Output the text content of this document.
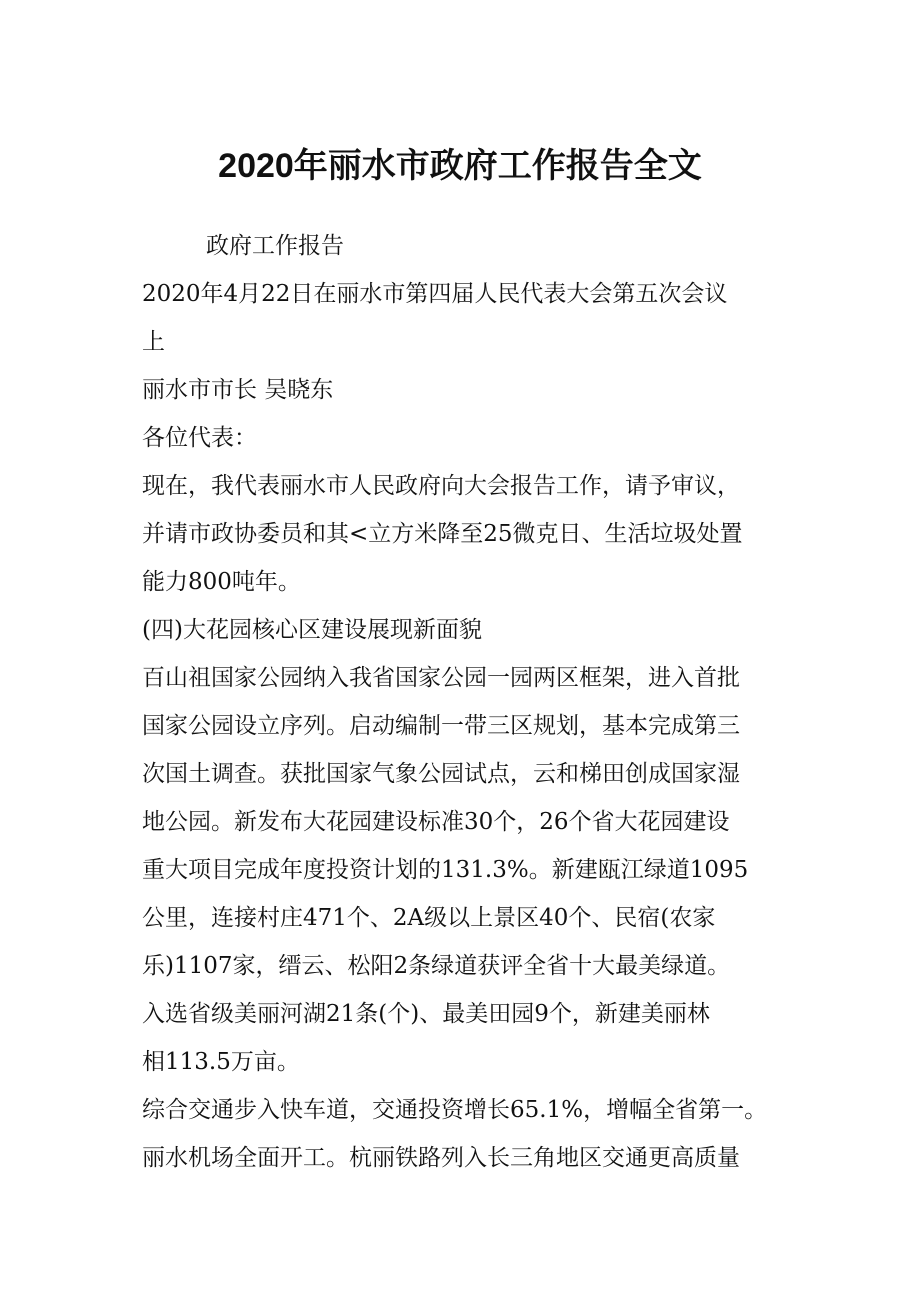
2020年丽水市政府工作报告全文
政府工作报告
2020年4月22日在丽水市第四届人民代表大会第五次会议
上
丽水市市长 吴晓东
各位代表：
现在，我代表丽水市人民政府向大会报告工作，请予审议，
并请市政协委员和其<立方米降至25微克日、生活垃圾处置
能力800吨年。
(四)大花园核心区建设展现新面貌
百山祖国家公园纳入我省国家公园一园两区框架，进入首批
国家公园设立序列。启动编制一带三区规划，基本完成第三
次国土调查。获批国家气象公园试点，云和梯田创成国家湿
地公园。新发布大花园建设标准30个，26个省大花园建设
重大项目完成年度投资计划的131.3%。新建瓯江绿道1095
公里，连接村庄471个、2A级以上景区40个、民宿(农家
乐)1107家，缙云、松阳2条绿道获评全省十大最美绿道。
入选省级美丽河湖21条(个)、最美田园9个，新建美丽林
相113.5万亩。
综合交通步入快车道，交通投资增长65.1%，增幅全省第一。
丽水机场全面开工。杭丽铁路列入长三角地区交通更高质量
